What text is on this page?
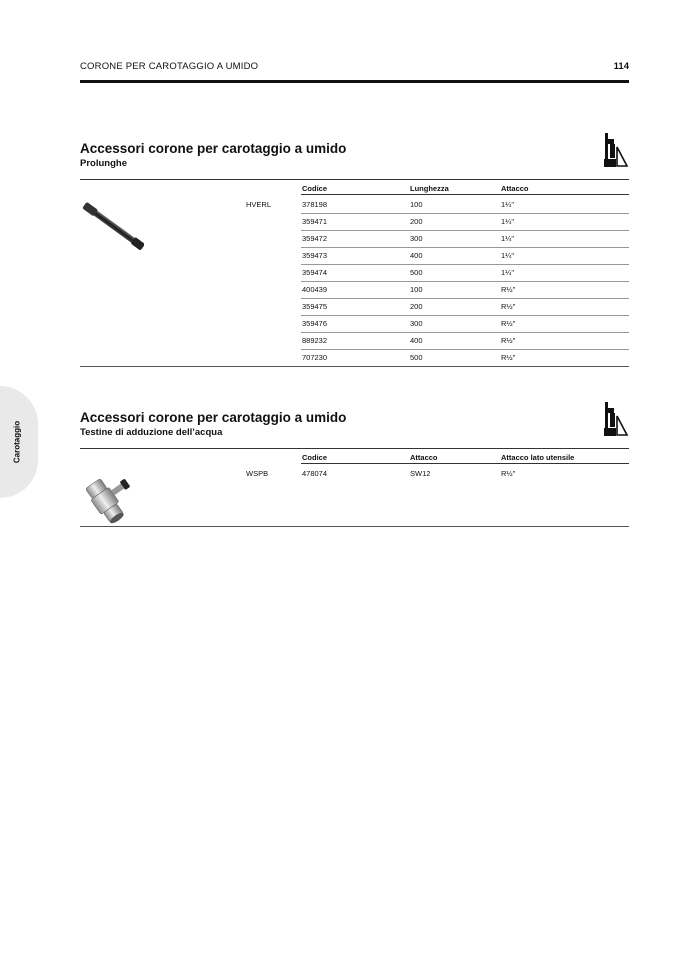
CORONE PER CAROTAGGIO A UMIDO	114
Carotaggio
Accessori corone per carotaggio a umido
Prolunghe
Codice	Lunghezza	Attacco
HVERL	378198	100	1¼"
359471	200	1¼"
359472	300	1¼"
359473	400	1¼"
359474	500	1¼"
400439	100	R½"
359475	200	R½"
359476	300	R½"
889232	400	R½"
707230	500	R½"
Accessori corone per carotaggio a umido
Testine di adduzione dell’acqua
Codice	Attacco	Attacco lato utensile
WSPB	478074	SW12	R½"
